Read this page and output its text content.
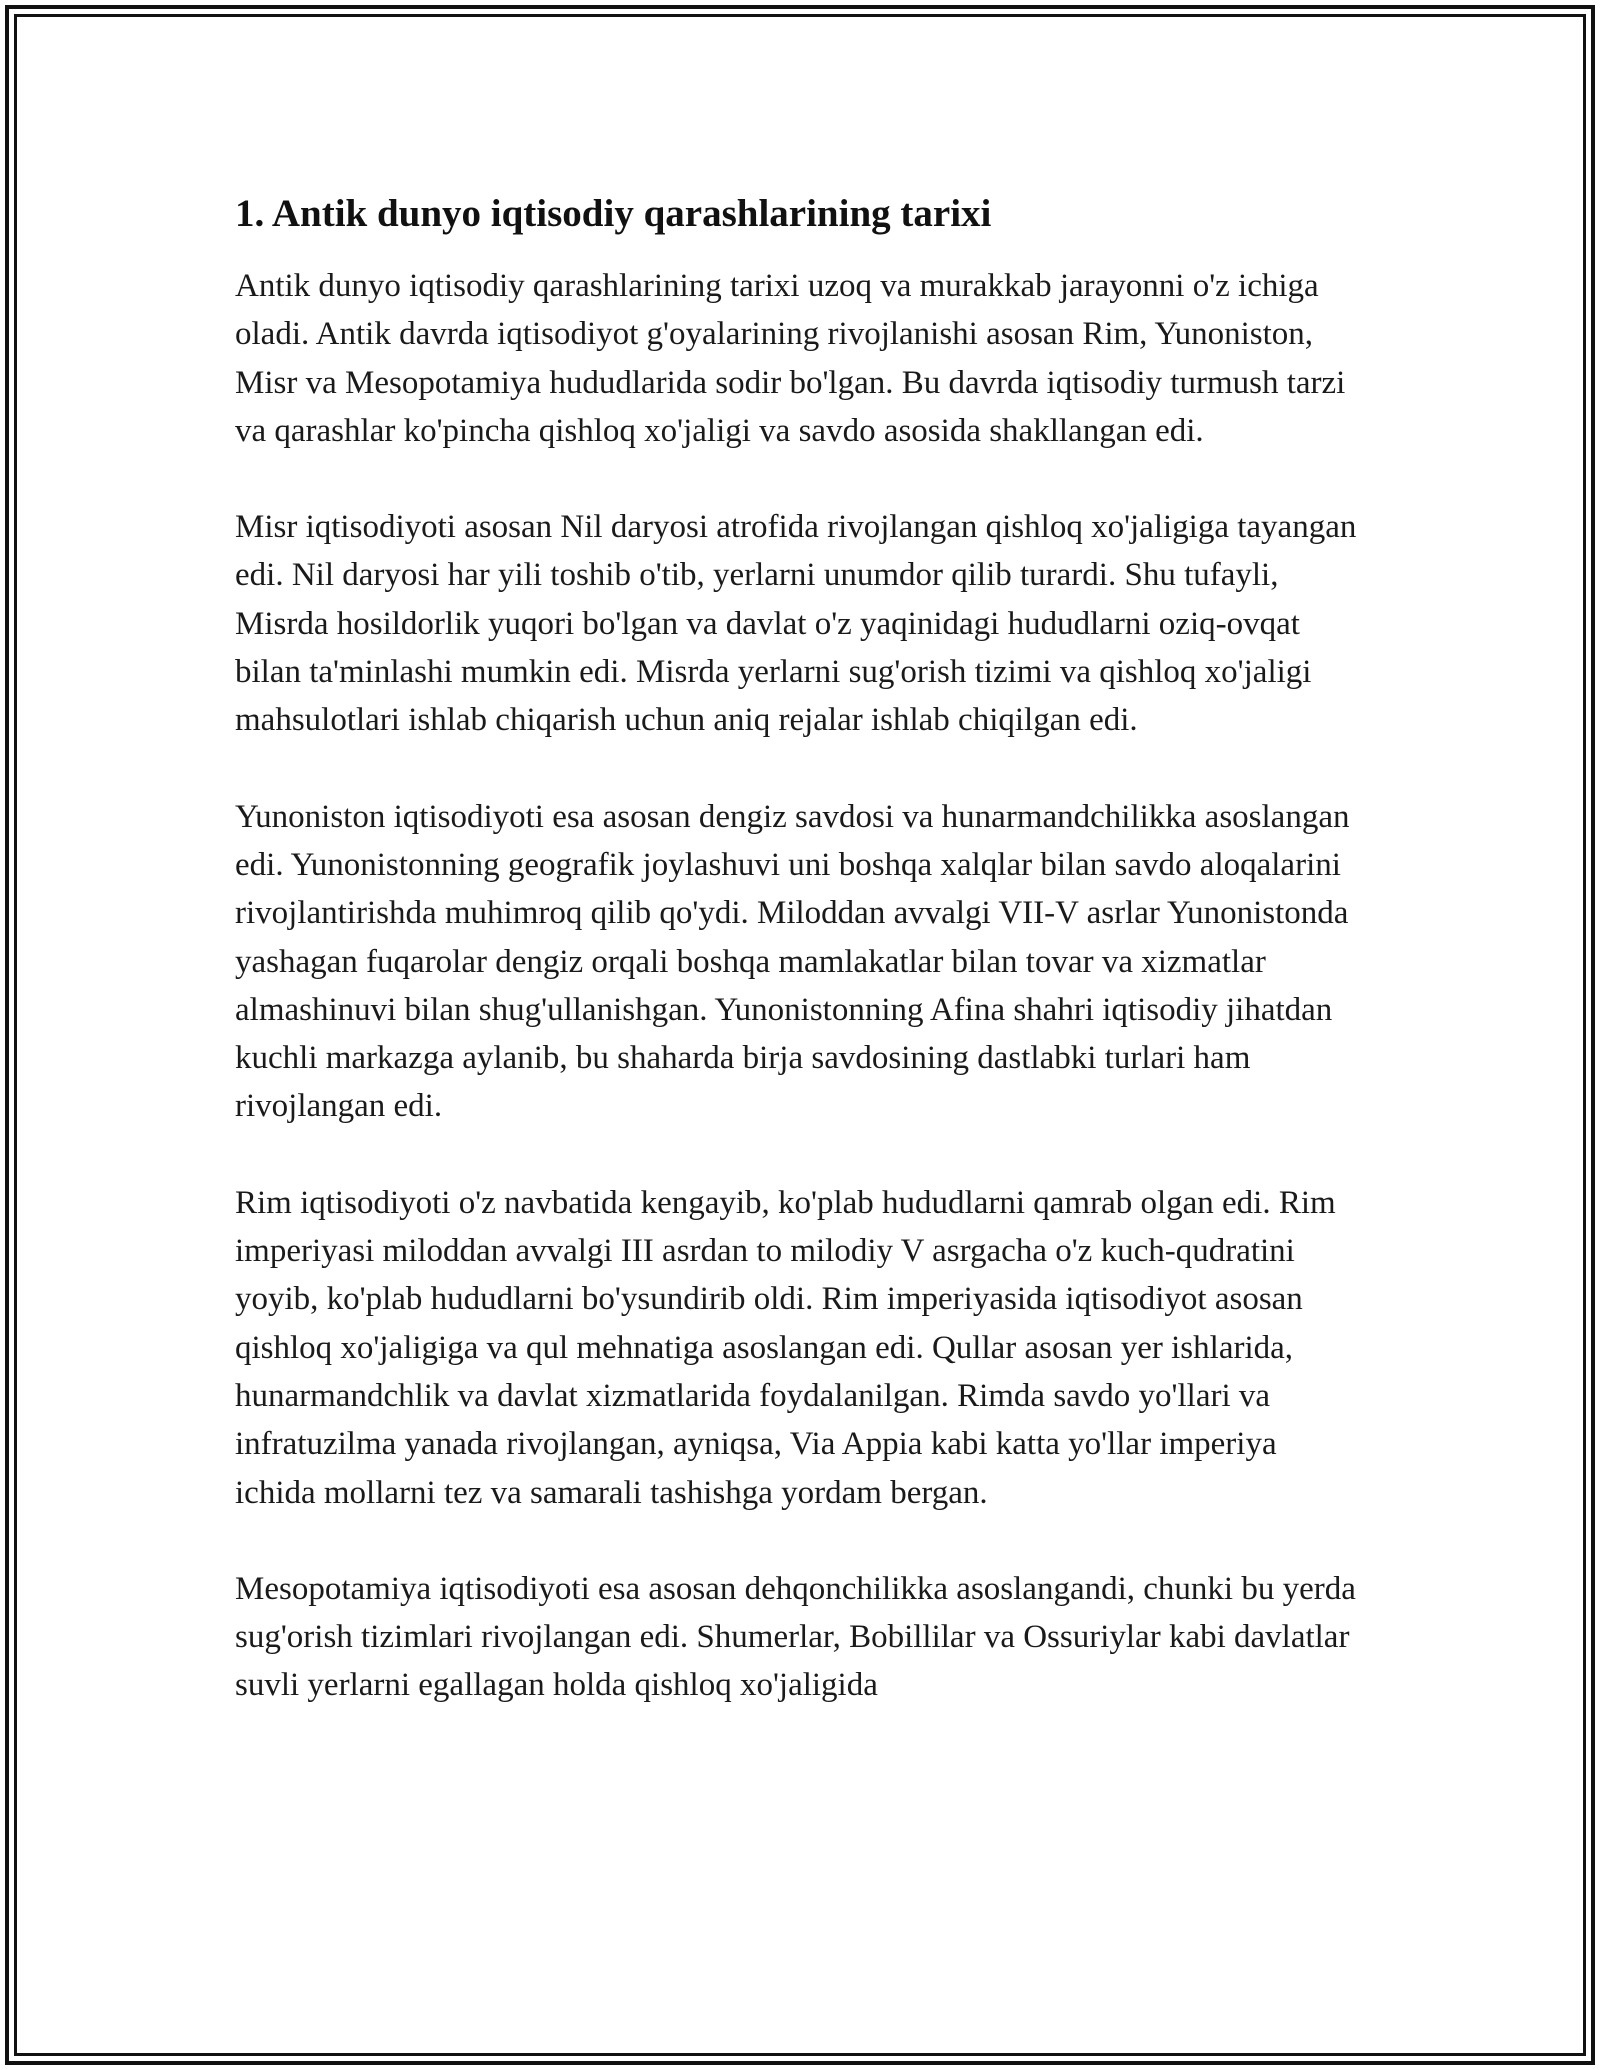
1. Antik dunyo iqtisodiy qarashlarining tarixi

Antik dunyo iqtisodiy qarashlarining tarixi uzoq va murakkab jarayonni o'z ichiga oladi. Antik davrda iqtisodiyot g'oyalarining rivojlanishi asosan Rim, Yunoniston, Misr va Mesopotamiya hududlarida sodir bo'lgan. Bu davrda iqtisodiy turmush tarzi va qarashlar ko'pincha qishloq xo'jaligi va savdo asosida shakllangan edi.

Misr iqtisodiyoti asosan Nil daryosi atrofida rivojlangan qishloq xo'jaligiga tayangan edi. Nil daryosi har yili toshib o'tib, yerlarni unumdor qilib turardi. Shu tufayli, Misrda hosildorlik yuqori bo'lgan va davlat o'z yaqinidagi hududlarni oziq-ovqat bilan ta'minlashi mumkin edi. Misrda yerlarni sug'orish tizimi va qishloq xo'jaligi mahsulotlari ishlab chiqarish uchun aniq rejalar ishlab chiqilgan edi.

Yunoniston iqtisodiyoti esa asosan dengiz savdosi va hunarmandchilikka asoslangan edi. Yunonistonning geografik joylashuvi uni boshqa xalqlar bilan savdo aloqalarini rivojlantirishda muhimroq qilib qo'ydi. Miloddan avvalgi VII-V asrlar Yunonistonda yashagan fuqarolar dengiz orqali boshqa mamlakatlar bilan tovar va xizmatlar almashinuvi bilan shug'ullanishgan. Yunonistonning Afina shahri iqtisodiy jihatdan kuchli markazga aylanib, bu shaharda birja savdosining dastlabki turlari ham rivojlangan edi.

Rim iqtisodiyoti o'z navbatida kengayib, ko'plab hududlarni qamrab olgan edi. Rim imperiyasi miloddan avvalgi III asrdan to milodiy V asrgacha o'z kuch-qudratini yoyib, ko'plab hududlarni bo'ysundirib oldi. Rim imperiyasida iqtisodiyot asosan qishloq xo'jaligiga va qul mehnatiga asoslangan edi. Qullar asosan yer ishlarida, hunarmandchlik va davlat xizmatlarida foydalanilgan. Rimda savdo yo'llari va infratuzilma yanada rivojlangan, ayniqsa, Via Appia kabi katta yo'llar imperiya ichida mollarni tez va samarali tashishga yordam bergan.

Mesopotamiya iqtisodiyoti esa asosan dehqonchilikka asoslangandi, chunki bu yerda sug'orish tizimlari rivojlangan edi. Shumerlar, Bobillilar va Ossuriylar kabi davlatlar suvli yerlarni egallagan holda qishloq xo'jaligida
